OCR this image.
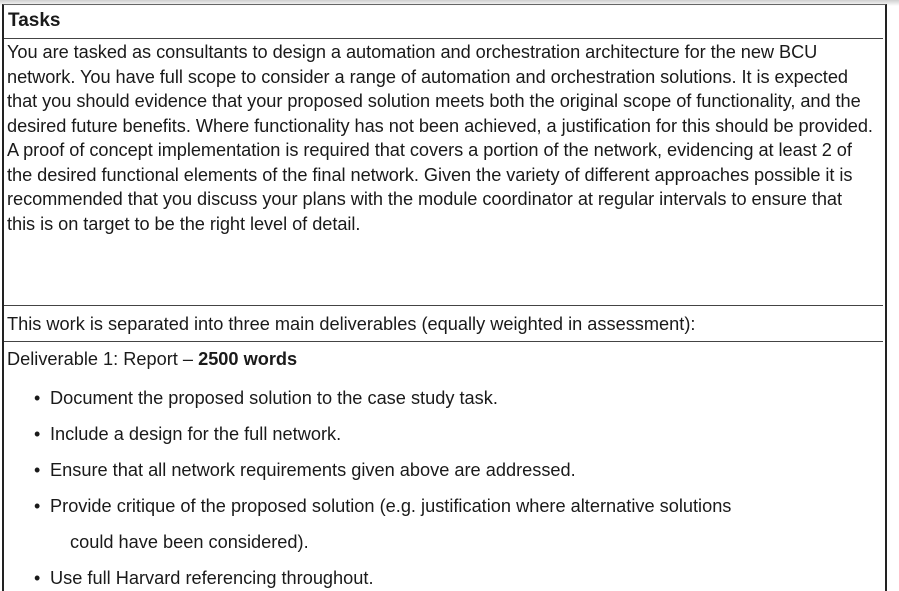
Tasks

You are tasked as consultants to design a automation and orchestration architecture for the new BCU network. You have full scope to consider a range of automation and orchestration solutions. It is expected that you should evidence that your proposed solution meets both the original scope of functionality, and the desired future benefits. Where functionality has not been achieved, a justification for this should be provided. A proof of concept implementation is required that covers a portion of the network, evidencing at least 2 of the desired functional elements of the final network. Given the variety of different approaches possible it is recommended that you discuss your plans with the module coordinator at regular intervals to ensure that this is on target to be the right level of detail.

This work is separated into three main deliverables (equally weighted in assessment):

Deliverable 1: Report – 2500 words

• Document the proposed solution to the case study task.
• Include a design for the full network.
• Ensure that all network requirements given above are addressed.
• Provide critique of the proposed solution (e.g. justification where alternative solutions
could have been considered).
• Use full Harvard referencing throughout.
